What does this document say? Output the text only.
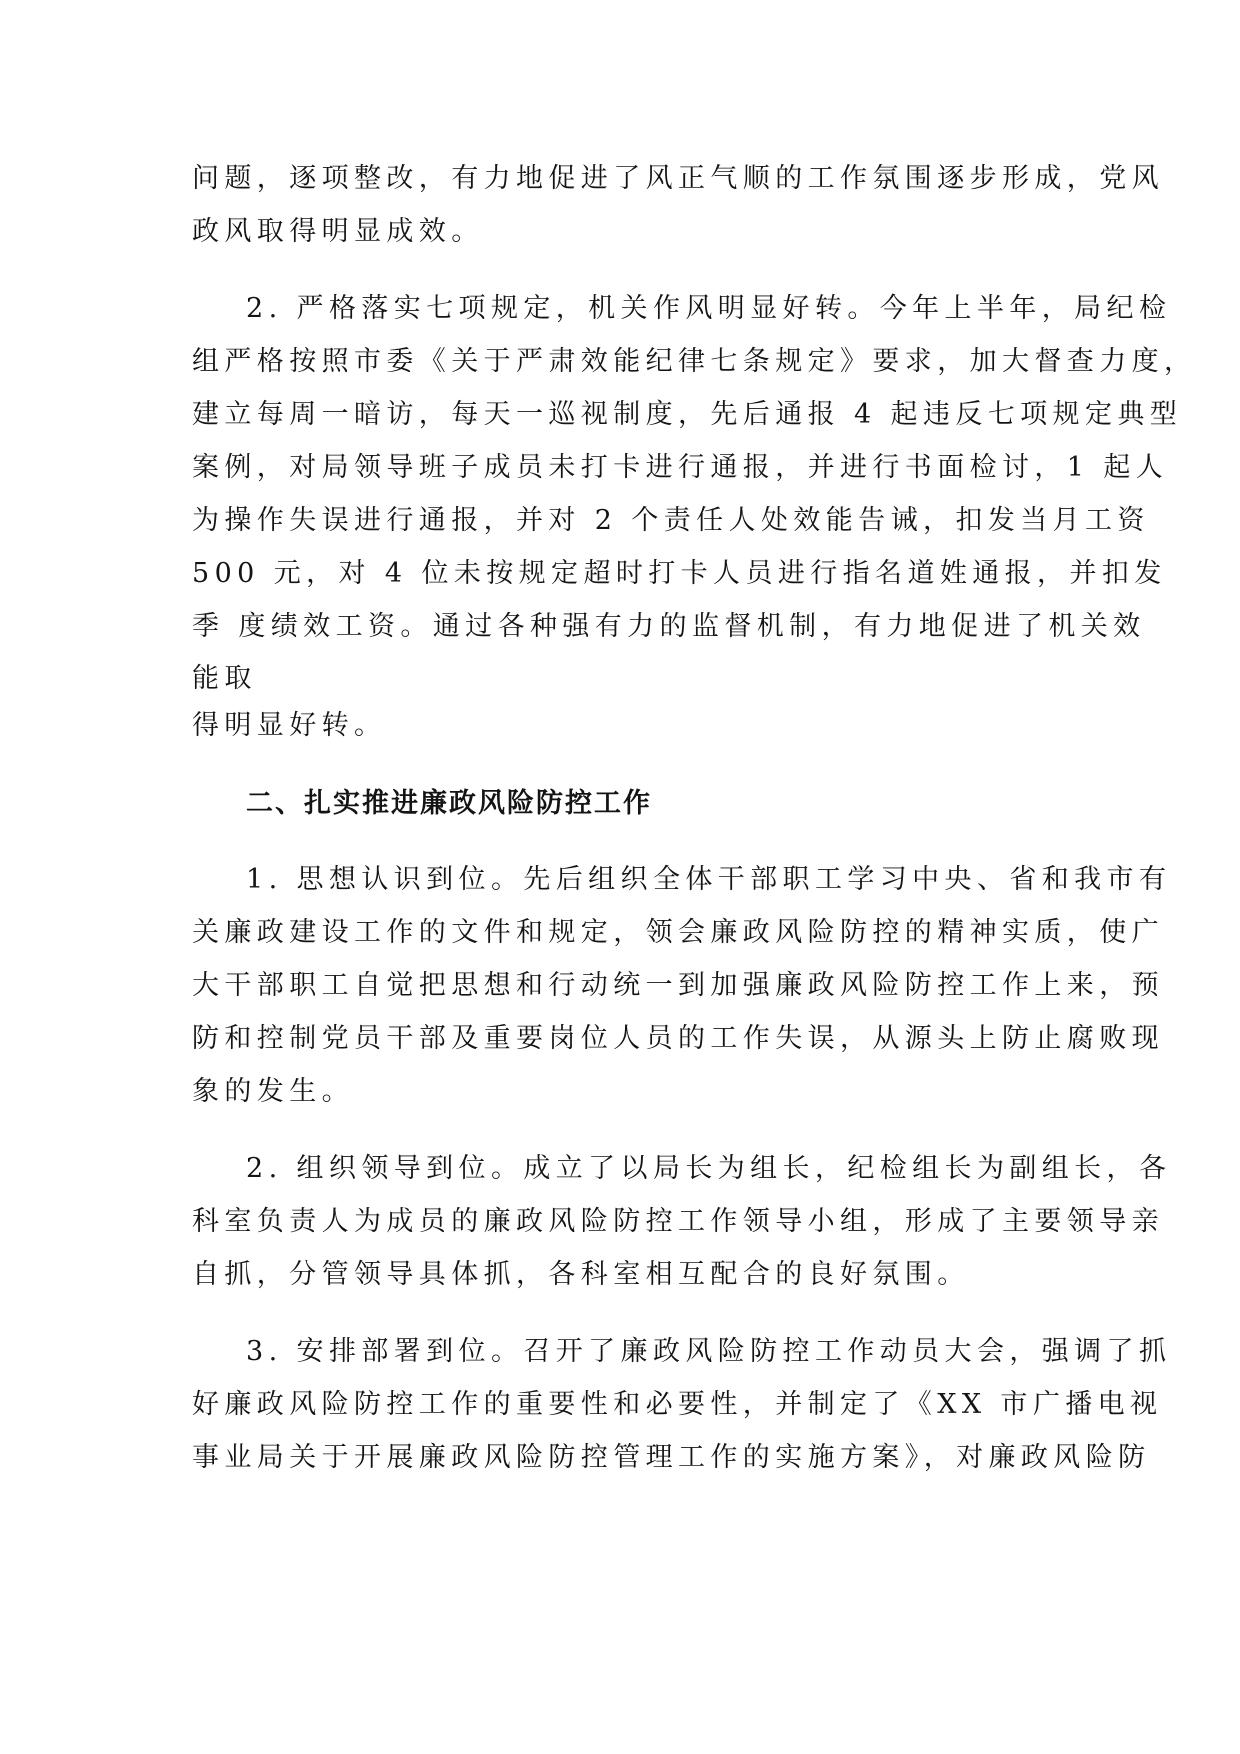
问题，逐项整改，有力地促进了风正气顺的工作氛围逐步形成，党风
政风取得明显成效。
2. 严格落实七项规定，机关作风明显好转。今年上半年，局纪检
组严格按照市委《关于严肃效能纪律七条规定》要求，加大督查力度，
建立每周一暗访，每天一巡视制度，先后通报 4 起违反七项规定典型
案例，对局领导班子成员未打卡进行通报，并进行书面检讨，1 起人
为操作失误进行通报，并对 2 个责任人处效能告诫，扣发当月工资
500 元，对 4 位未按规定超时打卡人员进行指名道姓通报，并扣发
季 度绩效工资。通过各种强有力的监督机制，有力地促进了机关效
能取
得明显好转。
二、扎实推进廉政风险防控工作
1. 思想认识到位。先后组织全体干部职工学习中央、省和我市有
关廉政建设工作的文件和规定，领会廉政风险防控的精神实质，使广
大干部职工自觉把思想和行动统一到加强廉政风险防控工作上来，预
防和控制党员干部及重要岗位人员的工作失误，从源头上防止腐败现
象的发生。
2. 组织领导到位。成立了以局长为组长，纪检组长为副组长，各
科室负责人为成员的廉政风险防控工作领导小组，形成了主要领导亲
自抓，分管领导具体抓，各科室相互配合的良好氛围。
3. 安排部署到位。召开了廉政风险防控工作动员大会，强调了抓
好廉政风险防控工作的重要性和必要性，并制定了《XX 市广播电视
事业局关于开展廉政风险防控管理工作的实施方案》，对廉政风险防
